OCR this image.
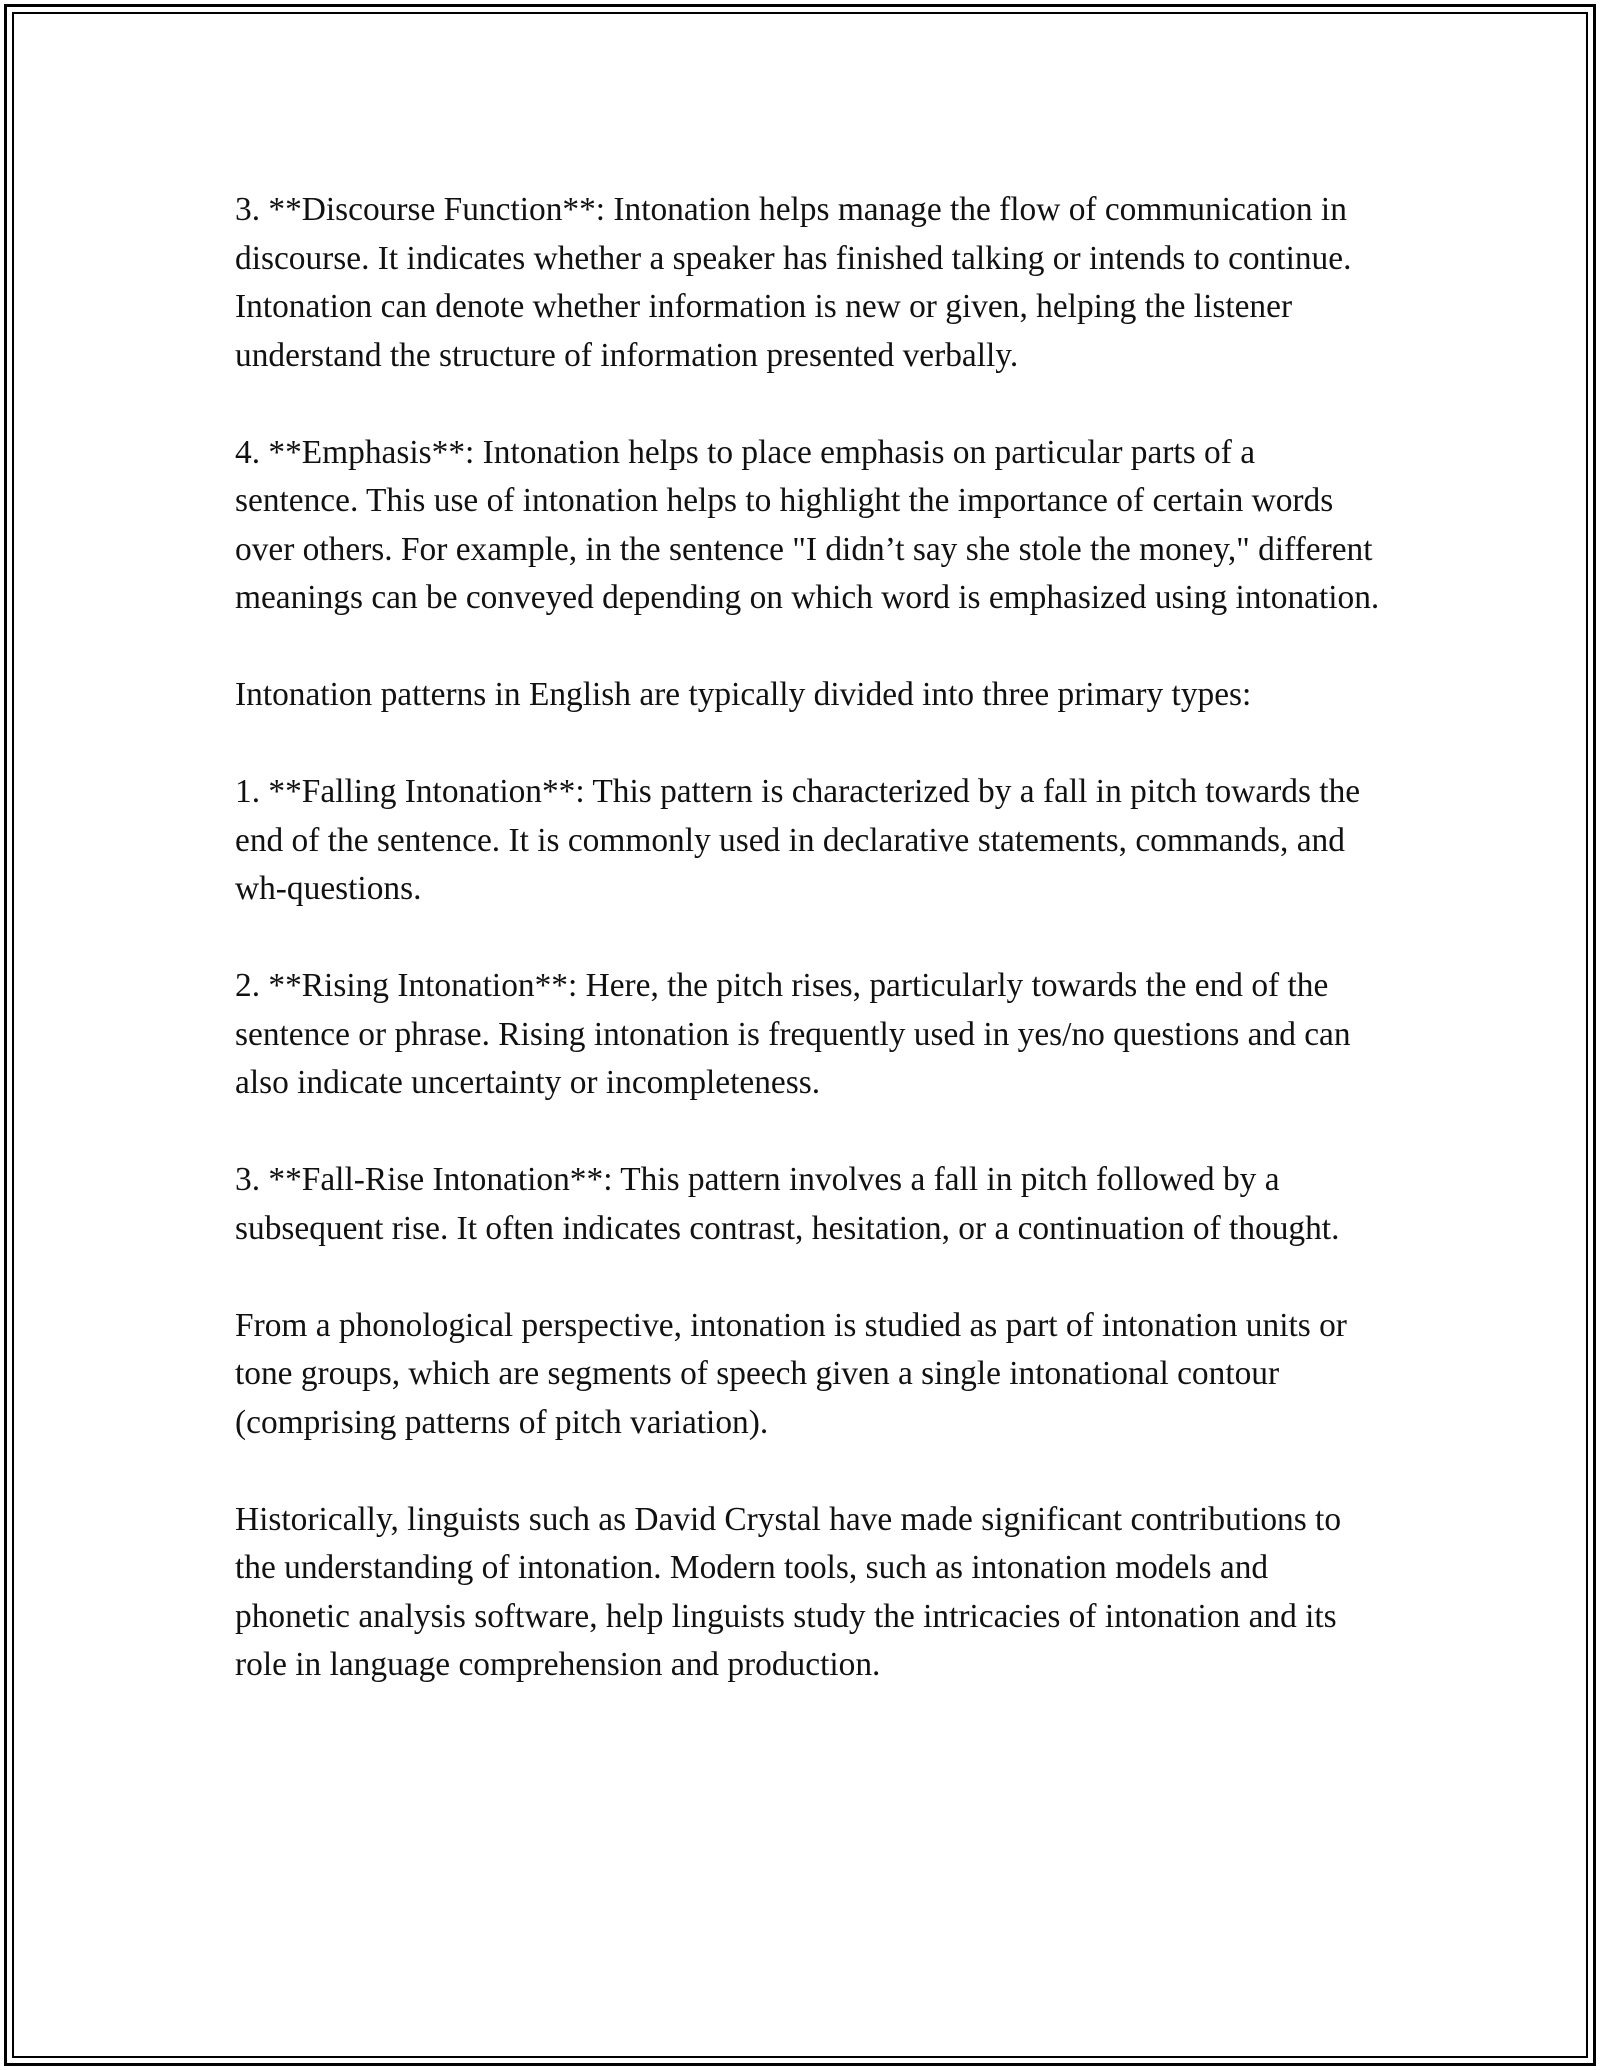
3. **Discourse Function**: Intonation helps manage the flow of communication in discourse. It indicates whether a speaker has finished talking or intends to continue. Intonation can denote whether information is new or given, helping the listener understand the structure of information presented verbally.

4. **Emphasis**: Intonation helps to place emphasis on particular parts of a sentence. This use of intonation helps to highlight the importance of certain words over others. For example, in the sentence "I didn’t say she stole the money," different meanings can be conveyed depending on which word is emphasized using intonation.

Intonation patterns in English are typically divided into three primary types:

1. **Falling Intonation**: This pattern is characterized by a fall in pitch towards the end of the sentence. It is commonly used in declarative statements, commands, and wh-questions.

2. **Rising Intonation**: Here, the pitch rises, particularly towards the end of the sentence or phrase. Rising intonation is frequently used in yes/no questions and can also indicate uncertainty or incompleteness.

3. **Fall-Rise Intonation**: This pattern involves a fall in pitch followed by a subsequent rise. It often indicates contrast, hesitation, or a continuation of thought.

From a phonological perspective, intonation is studied as part of intonation units or tone groups, which are segments of speech given a single intonational contour (comprising patterns of pitch variation).

Historically, linguists such as David Crystal have made significant contributions to the understanding of intonation. Modern tools, such as intonation models and phonetic analysis software, help linguists study the intricacies of intonation and its role in language comprehension and production.
